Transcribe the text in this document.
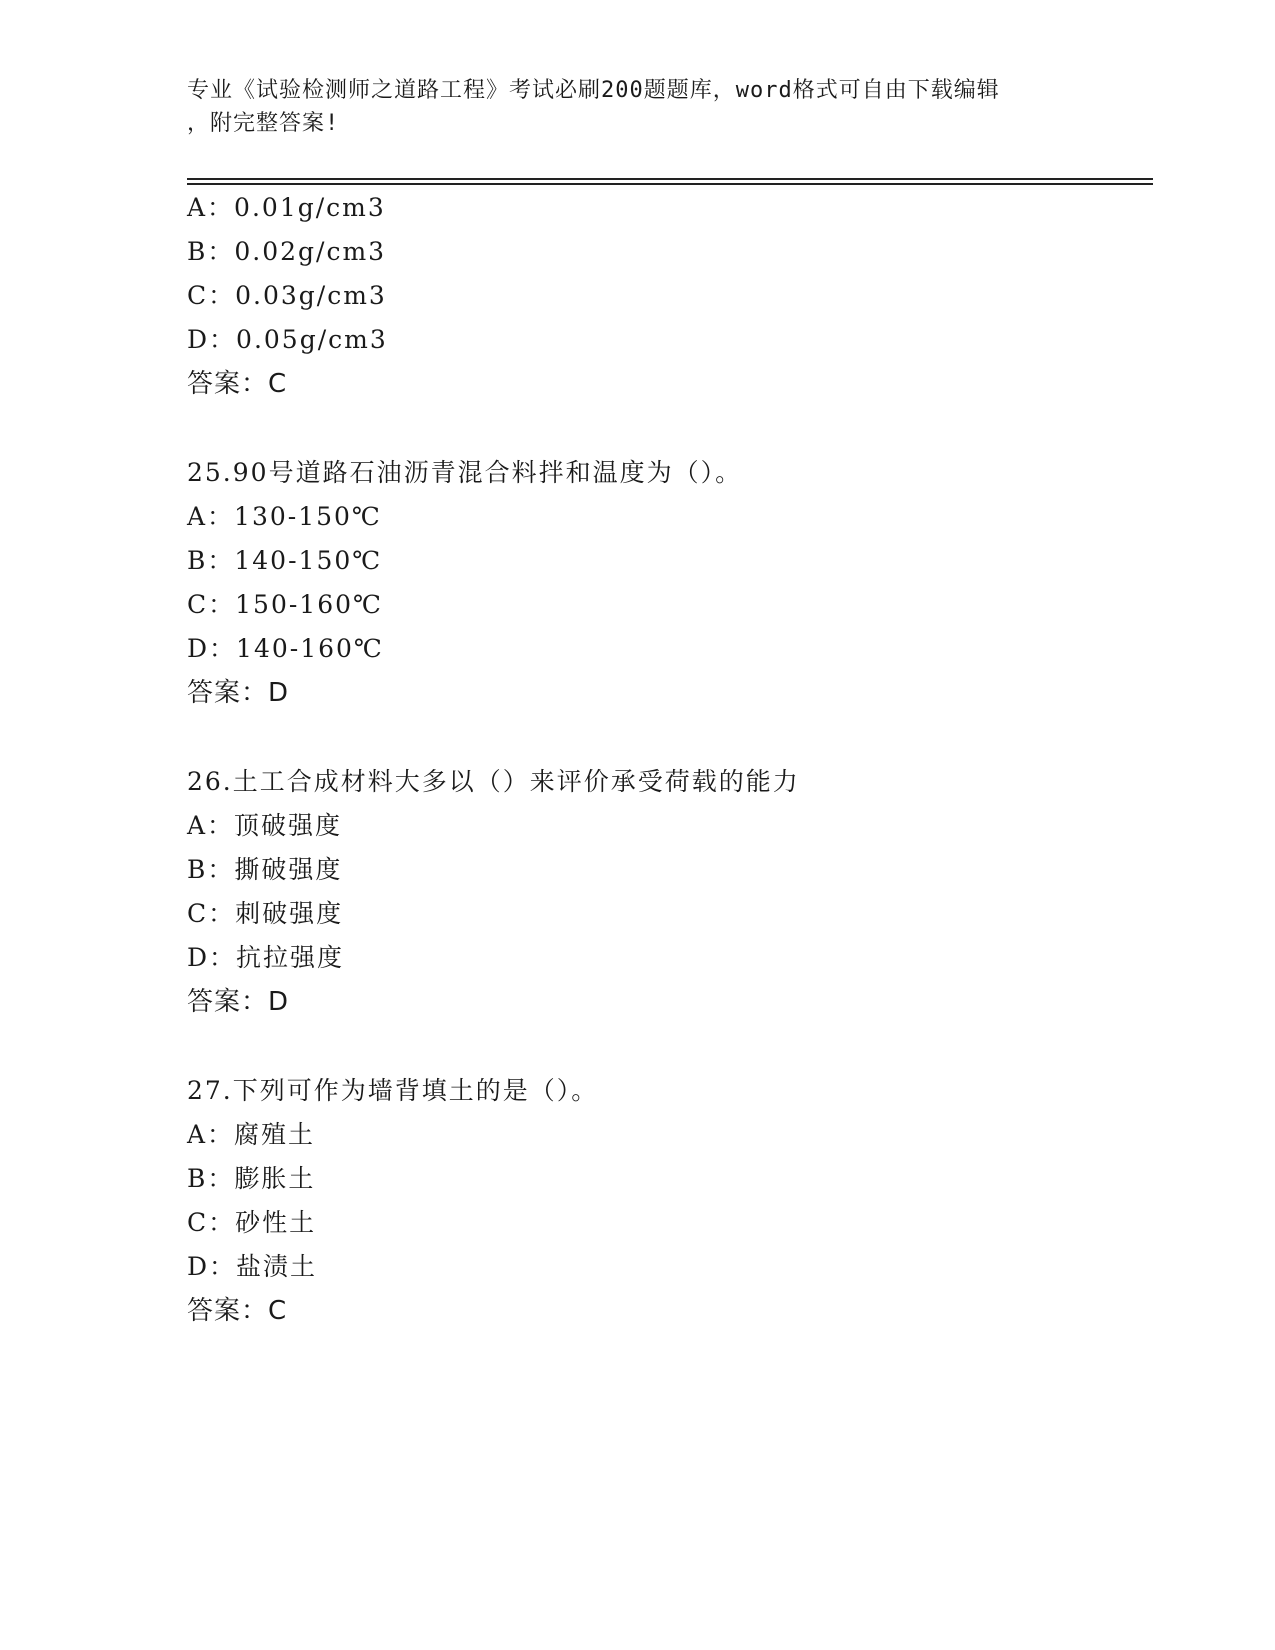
专业《试验检测师之道路工程》考试必刷200题题库，word格式可自由下载编辑
，附完整答案!
A：0.01g/cm3
B：0.02g/cm3
C：0.03g/cm3
D：0.05g/cm3
答案：C
25.90号道路石油沥青混合料拌和温度为（）。
A：130-150℃
B：140-150℃
C：150-160℃
D：140-160℃
答案：D
26.土工合成材料大多以（）来评价承受荷载的能力
A：顶破强度
B：撕破强度
C：刺破强度
D：抗拉强度
答案：D
27.下列可作为墙背填土的是（）。
A：腐殖土
B：膨胀土
C：砂性土
D：盐渍土
答案：C
